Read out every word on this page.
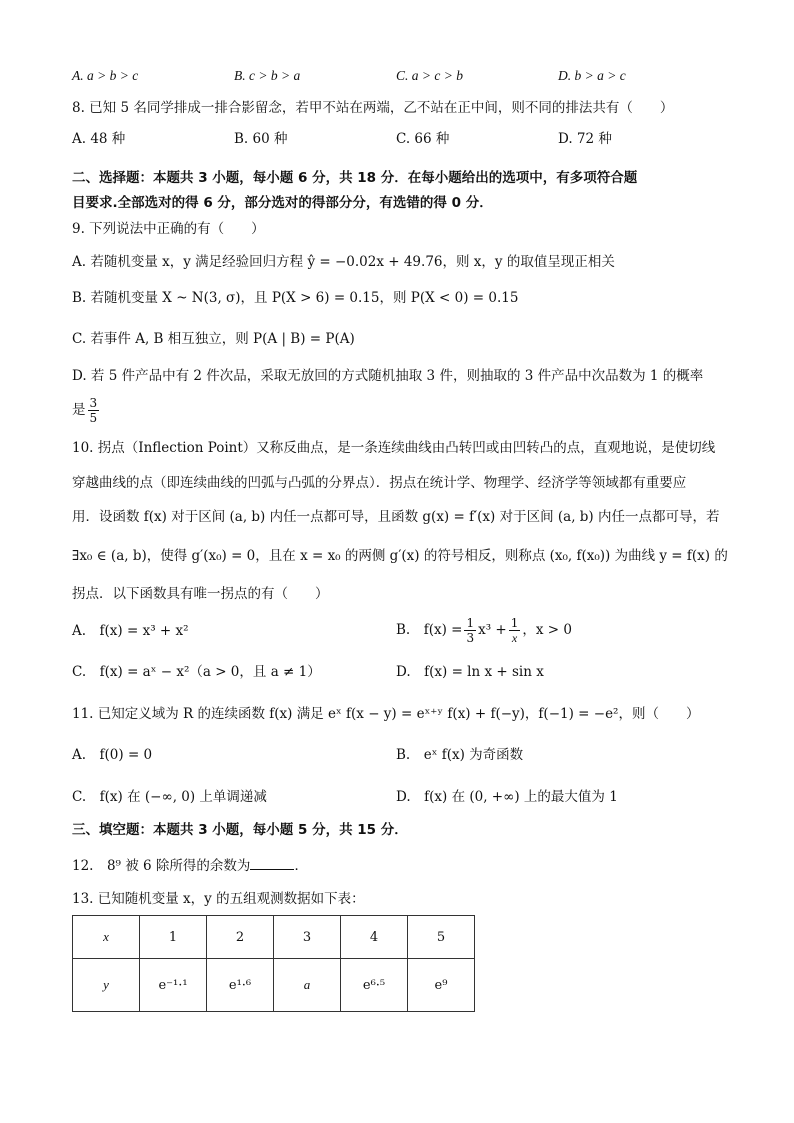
A. a > b > c	B. c > b > a	C. a > c > b	D. b > a > c
8. 已知 5 名同学排成一排合影留念，若甲不站在两端，乙不站在正中间，则不同的排法共有（　　）
A. 48 种	B. 60 种	C. 66 种	D. 72 种
二、选择题：本题共 3 小题，每小题 6 分，共 18 分．在每小题给出的选项中，有多项符合题
目要求.全部选对的得 6 分，部分选对的得部分分，有选错的得 0 分．
9. 下列说法中正确的有（　　）
A. 若随机变量 x，y 满足经验回归方程 ŷ = −0.02x + 49.76，则 x，y 的取值呈现正相关
B. 若随机变量 X ~ N(3, σ)，且 P(X > 6) = 0.15，则 P(X < 0) = 0.15
C. 若事件 A, B 相互独立，则 P(A | B) = P(A)
D. 若 5 件产品中有 2 件次品，采取无放回的方式随机抽取 3 件，则抽取的 3 件产品中次品数为 1 的概率
是 $\frac{3}{5}$
10. 拐点（Inflection Point）又称反曲点，是一条连续曲线由凸转凹或由凹转凸的点，直观地说，是使切线
穿越曲线的点（即连续曲线的凹弧与凸弧的分界点）．拐点在统计学、物理学、经济学等领域都有重要应
用．设函数 f(x) 对于区间 (a, b) 内任一点都可导，且函数 g(x) = f′(x) 对于区间 (a, b) 内任一点都可导，若
∃x₀ ∈ (a, b)，使得 g′(x₀) = 0，且在 x = x₀ 的两侧 g′(x) 的符号相反，则称点 (x₀, f(x₀)) 为曲线 y = f(x) 的
拐点．以下函数具有唯一拐点的有（　　）
A.　f(x) = x³ + x²	B.　$f(x) = \frac{1}{3} x^3 + \frac{1}{x}$ ，x > 0
C.　f(x) = aˣ − x²（a > 0，且 a ≠ 1）	D.　f(x) = ln x + sin x
11. 已知定义域为 R 的连续函数 f(x) 满足 eˣ f(x − y) = eˣ⁺ʸ f(x) + f(−y)，f(−1) = −e²，则（　　）
A.　f(0) = 0	B.　eˣ f(x) 为奇函数
C.　f(x) 在 (−∞, 0) 上单调递减	D.　f(x) 在 (0, +∞) 上的最大值为 1
三、填空题：本题共 3 小题，每小题 5 分，共 15 分．
12.　8⁹ 被 6 除所得的余数为	．
13. 已知随机变量 x，y 的五组观测数据如下表：
x	1	2	3	4	5
y	e⁻¹·¹	e¹·⁶	a	e⁶·⁵	e⁹
